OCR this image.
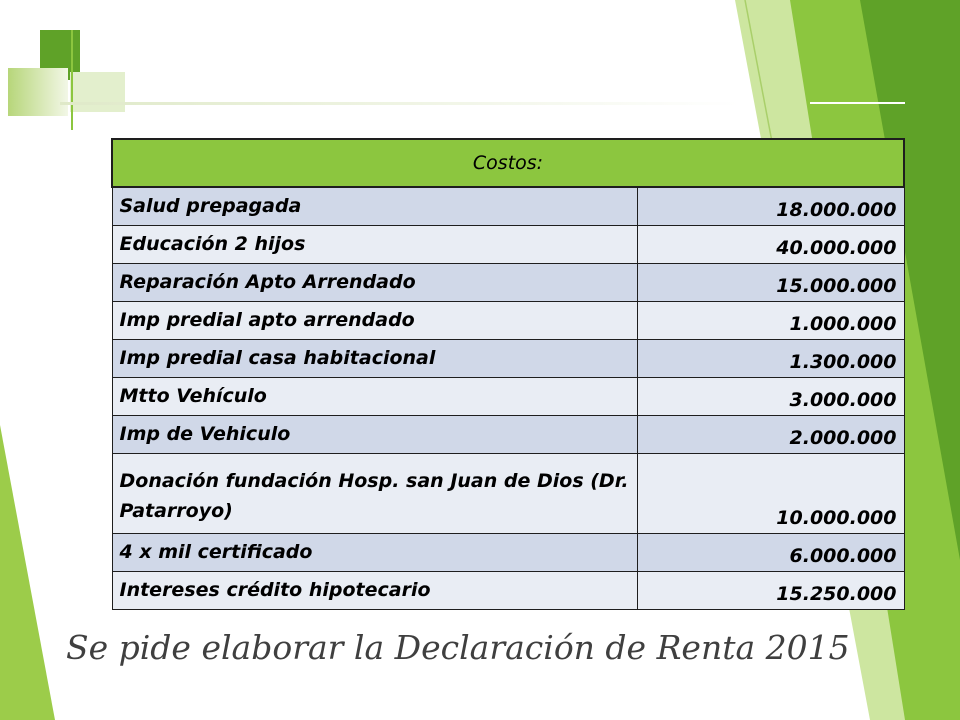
Costos:	
Salud prepagada	18.000.000
Educación 2 hijos	40.000.000
Reparación Apto Arrendado	15.000.000
Imp predial apto arrendado	1.000.000
Imp predial casa habitacional	1.300.000
Mtto Vehículo	3.000.000
Imp de Vehiculo	2.000.000
Donación fundación Hosp. san Juan de Dios (Dr. Patarroyo)	10.000.000
4 x mil certificado	6.000.000
Intereses crédito hipotecario	15.250.000

Se pide elaborar la Declaración de Renta 2015
